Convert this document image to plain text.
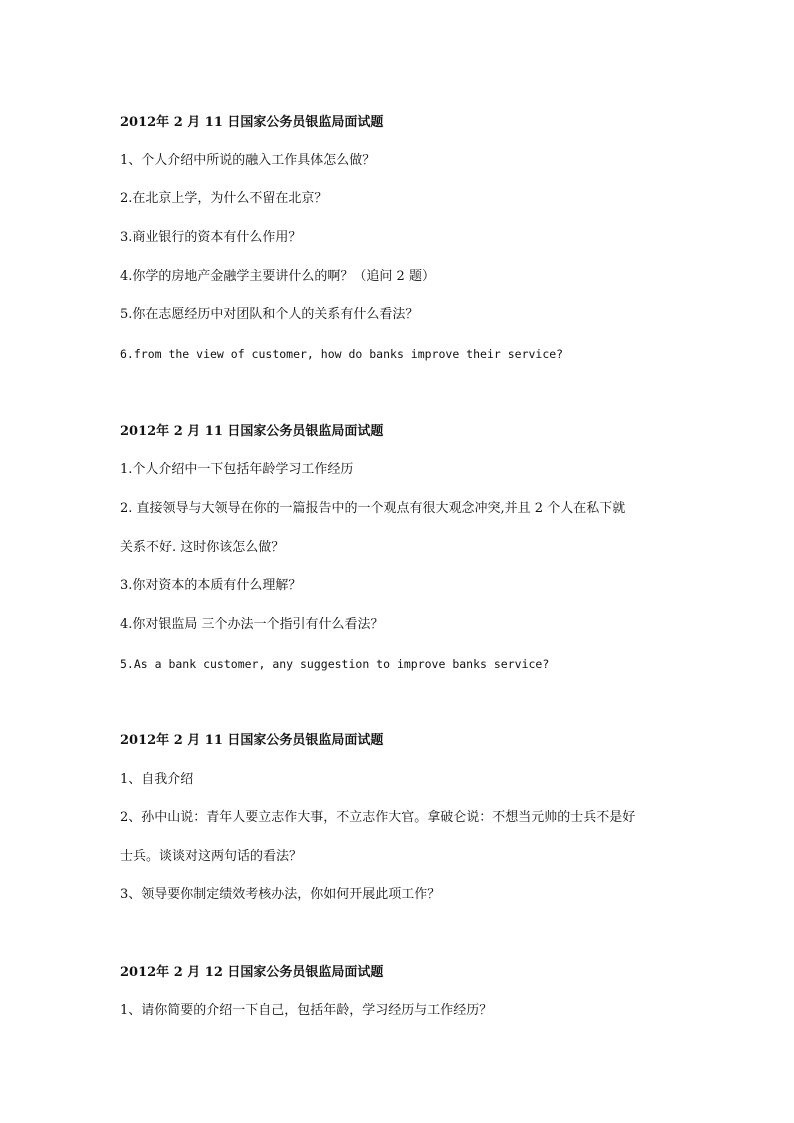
2012年 2 月 11 日国家公务员银监局面试题
1、个人介绍中所说的融入工作具体怎么做？
2.在北京上学，为什么不留在北京？
3.商业银行的资本有什么作用？
4.你学的房地产金融学主要讲什么的啊？（追问 2 题）
5.你在志愿经历中对团队和个人的关系有什么看法？
6.from the view of customer, how do banks improve their service?
2012年 2 月 11 日国家公务员银监局面试题
1.个人介绍中一下包括年龄学习工作经历
2. 直接领导与大领导在你的一篇报告中的一个观点有很大观念冲突,并且 2 个人在私下就
关系不好. 这时你该怎么做？
3.你对资本的本质有什么理解？
4.你对银监局 三个办法一个指引有什么看法？
5.As a bank customer, any suggestion to improve banks service?
2012年 2 月 11 日国家公务员银监局面试题
1、自我介绍
2、孙中山说：青年人要立志作大事，不立志作大官。拿破仑说：不想当元帅的士兵不是好
士兵。谈谈对这两句话的看法？
3、领导要你制定绩效考核办法，你如何开展此项工作？
2012年 2 月 12 日国家公务员银监局面试题
1、请你简要的介绍一下自己，包括年龄，学习经历与工作经历？
